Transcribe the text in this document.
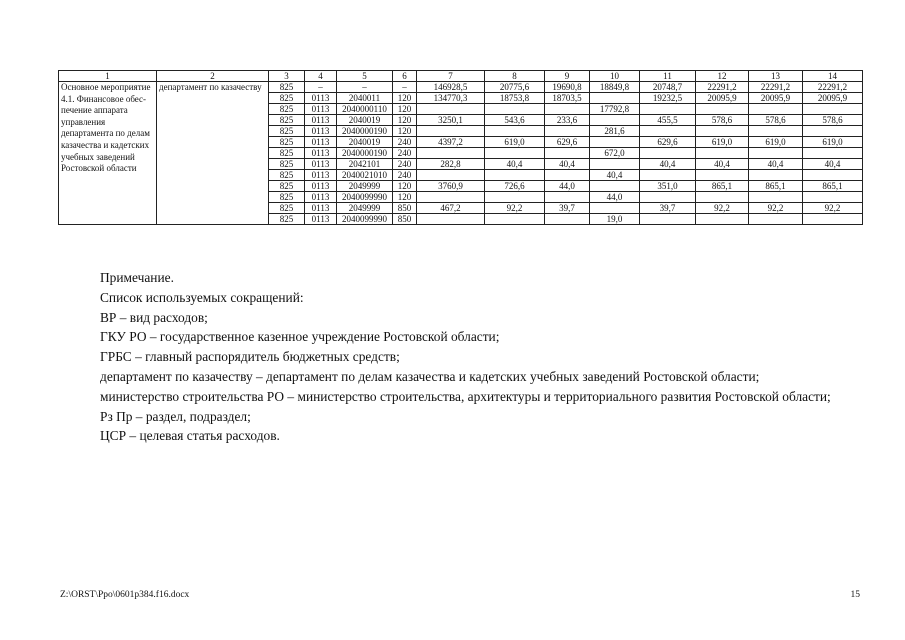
1	2	3	4	5	6	7	8	9	10	11	12	13	14
Основное мероприятие 4.1. Финансовое обес-печение аппарата управления департамента по делам казачества и кадетских учебных заведений Ростовской области	департамент по казачеству	825	–	–	–	146928,5	20775,6	19690,8	18849,8	20748,7	22291,2	22291,2	22291,2
		825	0113	2040011	120	134770,3	18753,8	18703,5		19232,5	20095,9	20095,9	20095,9
		825	0113	2040000110	120				17792,8				
		825	0113	2040019	120	3250,1	543,6	233,6		455,5	578,6	578,6	578,6
		825	0113	2040000190	120				281,6				
		825	0113	2040019	240	4397,2	619,0	629,6		629,6	619,0	619,0	619,0
		825	0113	2040000190	240				672,0				
		825	0113	2042101	240	282,8	40,4	40,4		40,4	40,4	40,4	40,4
		825	0113	2040021010	240				40,4				
		825	0113	2049999	120	3760,9	726,6	44,0		351,0	865,1	865,1	865,1
		825	0113	2040099990	120				44,0				
		825	0113	2049999	850	467,2	92,2	39,7		39,7	92,2	92,2	92,2
		825	0113	2040099990	850				19,0				

Примечание.

Список используемых сокращений:

ВР – вид расходов;

ГКУ РО – государственное казенное учреждение Ростовской области;

ГРБС – главный распорядитель бюджетных средств;

департамент по казачеству – департамент по делам казачества и кадетских учебных заведений Ростовской области;

министерство строительства РО – министерство строительства, архитектуры и территориального развития Ростовской области;

Рз Пр – раздел, подраздел;

ЦСР – целевая статья расходов.

Z:\ORST\Ppo\0601p384.f16.docx	15
